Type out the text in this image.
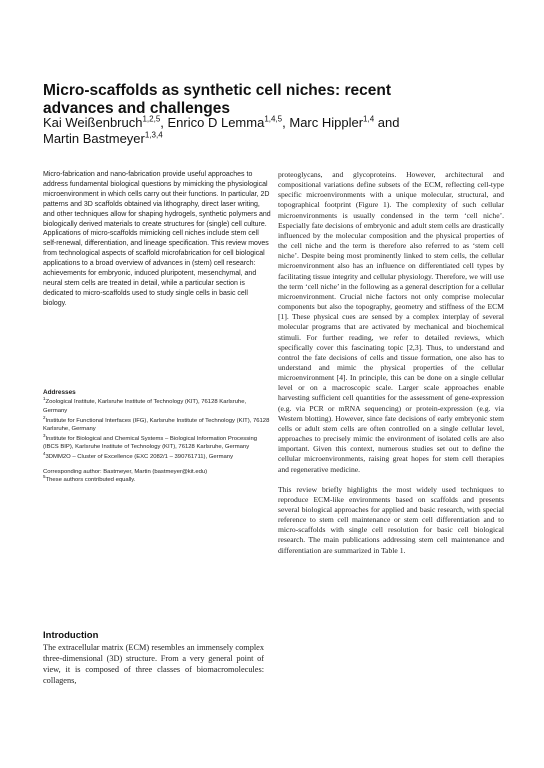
Micro-scaffolds as synthetic cell niches: recent advances and challenges
Kai Weißenbruch$^{1,2,5}$, Enrico D Lemma$^{1,4,5}$, Marc Hippler$^{1,4}$ and
Martin Bastmeyer$^{1,3,4}$

Micro-fabrication and nano-fabrication provide useful approaches to address fundamental biological questions by mimicking the physiological microenvironment in which cells carry out their functions. In particular, 2D patterns and 3D scaffolds obtained via lithography, direct laser writing, and other techniques allow for shaping hydrogels, synthetic polymers and biologically derived materials to create structures for (single) cell culture. Applications of micro-scaffolds mimicking cell niches include stem cell self-renewal, differentiation, and lineage specification. This review moves from technological aspects of scaffold microfabrication for cell biological applications to a broad overview of advances in (stem) cell research: achievements for embryonic, induced pluripotent, mesenchymal, and neural stem cells are treated in detail, while a particular section is dedicated to micro-scaffolds used to study single cells in basic cell biology.

Addresses
$^1$Zoological Institute, Karlsruhe Institute of Technology (KIT), 76128 Karlsruhe, Germany
$^2$Institute for Functional Interfaces (IFG), Karlsruhe Institute of Technology (KIT), 76128 Karlsruhe, Germany
$^3$Institute for Biological and Chemical Systems – Biological Information Processing (IBCS BIP), Karlsruhe Institute of Technology (KIT), 76128 Karlsruhe, Germany
$^4$3DMM2O – Cluster of Excellence (EXC 2082/1 – 390761711), Germany
Corresponding author: Bastmeyer, Martin (bastmeyer@kit.edu)
$^5$These authors contributed equally.
Introduction

The extracellular matrix (ECM) resembles an immensely complex three-dimensional (3D) structure. From a very general point of view, it is composed of three classes of biomacromolecules: collagens,

proteoglycans, and glycoproteins. However, architectural and compositional variations define subsets of the ECM, reflecting cell-type specific microenvironments with a unique molecular, structural, and topographical footprint (Figure 1). The complexity of such cellular microenvironments is usually condensed in the term ‘cell niche’. Especially fate decisions of embryonic and adult stem cells are drastically influenced by the molecular composition and the physical properties of the cell niche and the term is therefore also referred to as ‘stem cell niche’. Despite being most prominently linked to stem cells, the cellular microenvironment also has an influence on differentiated cell types by facilitating tissue integrity and cellular physiology. Therefore, we will use the term ‘cell niche’ in the following as a general description for a cellular microenvironment. Crucial niche factors not only comprise molecular components but also the topography, geometry and stiffness of the ECM [1]. These physical cues are sensed by a complex interplay of several molecular programs that are activated by mechanical and biochemical stimuli. For further reading, we refer to detailed reviews, which specifically cover this fascinating topic [2,3]. Thus, to understand and control the fate decisions of cells and tissue formation, one also has to understand and mimic the physical properties of the cellular microenvironment [4]. In principle, this can be done on a single cellular level or on a macroscopic scale. Larger scale approaches enable harvesting sufficient cell quantities for the assessment of gene-expression (e.g. via PCR or mRNA sequencing) or protein-expression (e.g. via Western blotting). However, since fate decisions of early embryonic stem cells or adult stem cells are often controlled on a single cellular level, approaches to precisely mimic the environment of isolated cells are also important. Given this context, numerous studies set out to define the cellular microenvironments, raising great hopes for stem cell therapies and regenerative medicine.

This review briefly highlights the most widely used techniques to reproduce ECM-like environments based on scaffolds and presents several biological approaches for applied and basic research, with special reference to stem cell maintenance or stem cell differentiation and to micro-scaffolds with single cell resolution for basic cell biological research. The main publications addressing stem cell maintenance and differentiation are summarized in Table 1.
